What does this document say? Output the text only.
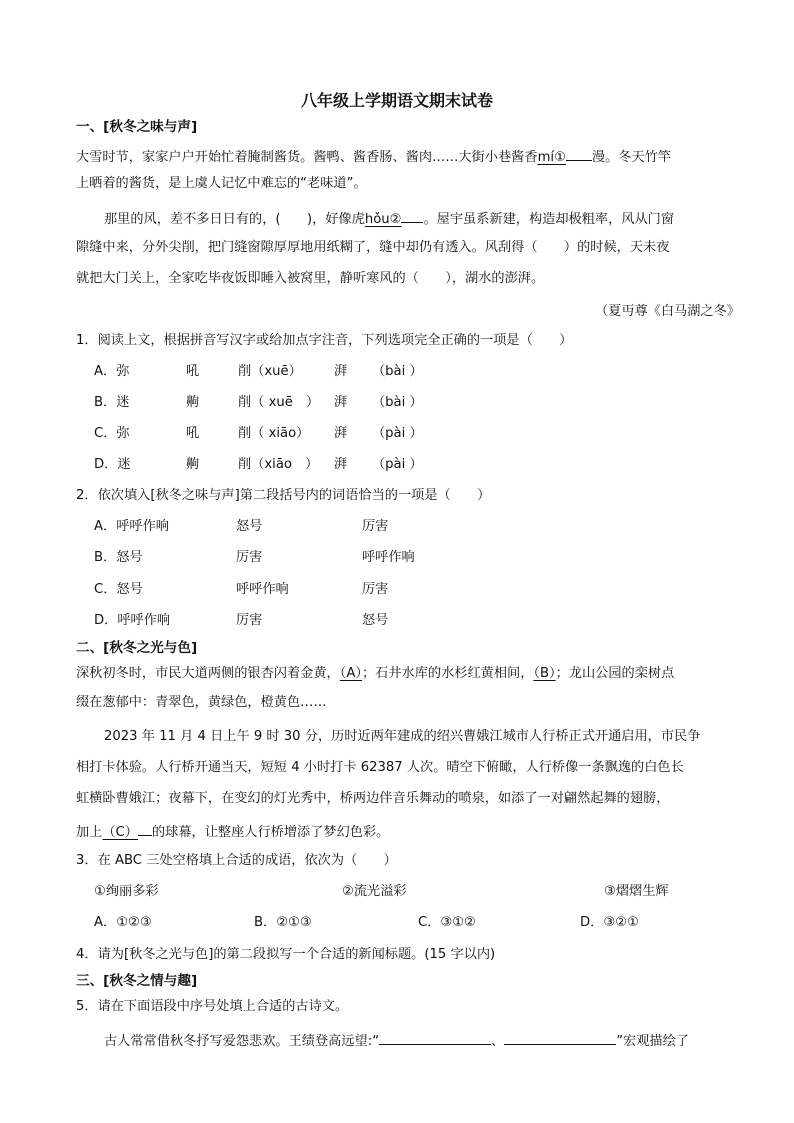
八年级上学期语文期末试卷
一、[秋冬之味与声]
大雪时节，家家户户开始忙着腌制酱货。酱鸭、酱香肠、酱肉……大街小巷酱香mí① 漫。冬天竹竿
上晒着的酱货，是上虞人记忆中难忘的“老味道”。
那里的风，差不多日日有的，(　　)，好像虎hǒu② 。屋宇虽系新建，构造却极粗率，风从门窗
隙缝中来，分外尖削，把门缝窗隙厚厚地用纸糊了，缝中却仍有透入。风刮得（　　）的时候，天未夜
就把大门关上，全家吃毕夜饭即睡入被窝里，静听寒风的（　　），湖水的澎湃。
（夏丏尊《白马湖之冬》
1．阅读上文，根据拼音写汉字或给加点字注音，下列选项完全正确的一项是（　　）
A．弥	吼	削（xuē） 湃 （bài ）
B．迷	齁	削（ xuē　） 湃 （bài ）
C．弥	吼	削（ xiāo） 湃 （pài ）
D．迷	齁	削（xiāo　） 湃 （pài ）
2．依次填入[秋冬之味与声]第二段括号内的词语恰当的一项是（　　）
A．呼呼作响	怒号	厉害
B．怒号	厉害	呼呼作响
C．怒号	呼呼作响	厉害
D．呼呼作响	厉害	怒号
二、[秋冬之光与色]
深秋初冬时，市民大道两侧的银杏闪着金黄，（A）；石井水库的水杉红黄相间，（B）；龙山公园的栾树点
缀在葱郁中：青翠色，黄绿色，橙黄色……
2023 年 11 月 4 日上午 9 时 30 分，历时近两年建成的绍兴曹娥江城市人行桥正式开通启用，市民争
相打卡体验。人行桥开通当天，短短 4 小时打卡 62387 人次。晴空下俯瞰，人行桥像一条飘逸的白色长
虹横卧曹娥江；夜幕下，在变幻的灯光秀中，桥两边伴音乐舞动的喷泉，如添了一对翩然起舞的翅膀，
加上（C） 的球幕，让整座人行桥增添了梦幻色彩。
3．在 ABC 三处空格填上合适的成语，依次为（　　）
①绚丽多彩	②流光溢彩	③熠熠生辉
A．①②③	B．②①③	C．③①②	D．③②①
4．请为[秋冬之光与色]的第二段拟写一个合适的新闻标题。(15 字以内)
三、[秋冬之情与趣]
5．请在下面语段中序号处填上合适的古诗文。
古人常常借秋冬抒写爱怨悲欢。王绩登高远望:“	、	”宏观描绘了
